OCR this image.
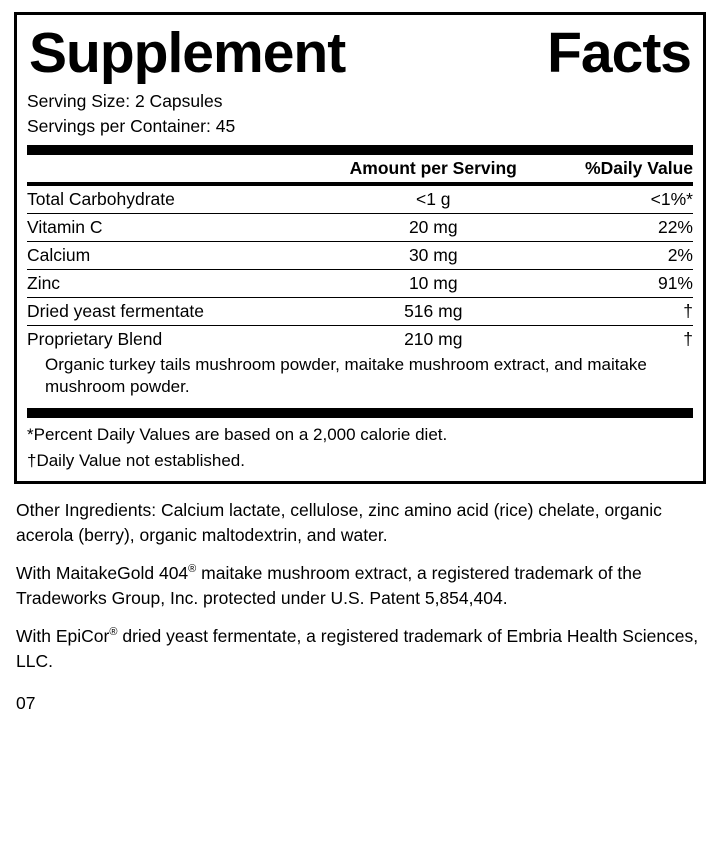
Supplement	Facts
Serving Size: 2 Capsules
Servings per Container: 45
	Amount per Serving	%Daily Value
Total Carbohydrate	<1 g	<1%*
Vitamin C	20 mg	22%
Calcium	30 mg	2%
Zinc	10 mg	91%
Dried yeast fermentate	516 mg	†
Proprietary Blend	210 mg	†
Organic turkey tails mushroom powder, maitake mushroom extract, and maitake mushroom powder.
*Percent Daily Values are based on a 2,000 calorie diet.
†Daily Value not established.

Other Ingredients: Calcium lactate, cellulose, zinc amino acid (rice) chelate, organic acerola (berry), organic maltodextrin, and water.

With MaitakeGold 404® maitake mushroom extract, a registered trademark of the Tradeworks Group, Inc. protected under U.S. Patent 5,854,404.

With EpiCor® dried yeast fermentate, a registered trademark of Embria Health Sciences, LLC.

07
